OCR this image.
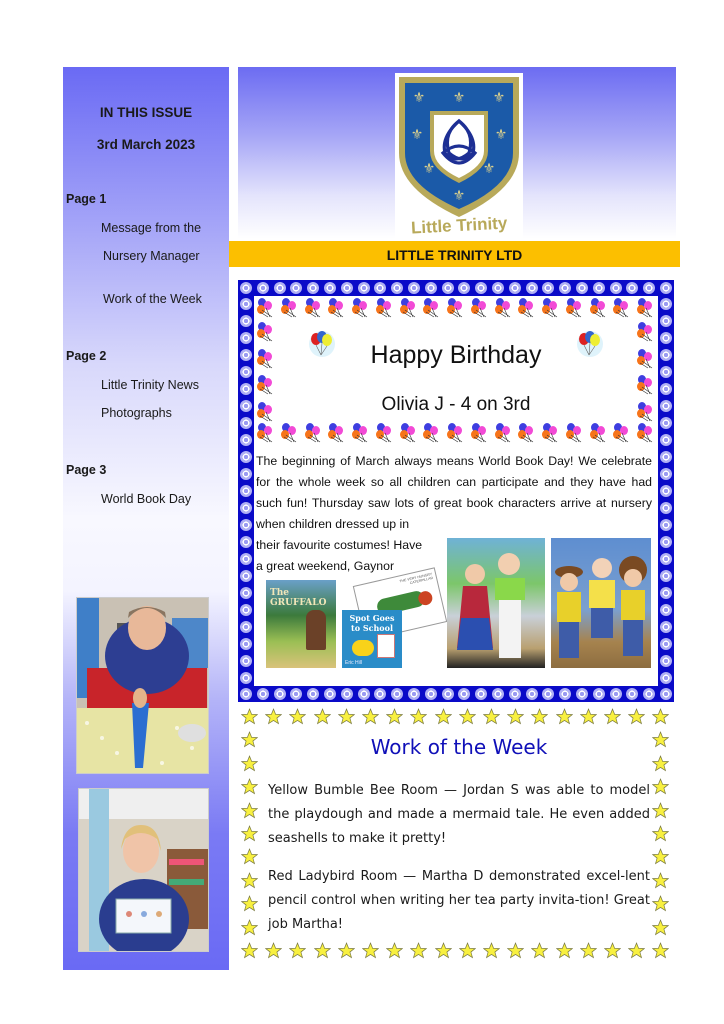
IN THIS ISSUE
3rd March 2023
Page 1
Message from the
Nursery Manager
Work of the Week
Page 2
Little Trinity News
Photographs
Page 3
World Book Day
⚜ ⚜ ⚜
⚜	⚜
⚜	⚜
⚜
Little Trinity
LITTLE TRINITY LTD
Happy Birthday
Olivia J - 4 on 3rd
The beginning of March always means World Book Day! We celebrate for the whole week so all children can participate and they have had such fun! Thursday saw lots of great book characters arrive at nursery when children dressed up in
their favourite costumes! Have
a great weekend, Gaynor
The GRUFFALO
THE VERY HUNGRY CATERPILLAR
Spot Goes to School
Eric Hill
Work of the Week
Yellow Bumble Bee Room — Jordan S was able to model the playdough and made a mermaid tale. He even added seashells to make it pretty!
Red Ladybird Room — Martha D demonstrated excel-lent pencil control when writing her tea party invita-tion! Great job Martha!
